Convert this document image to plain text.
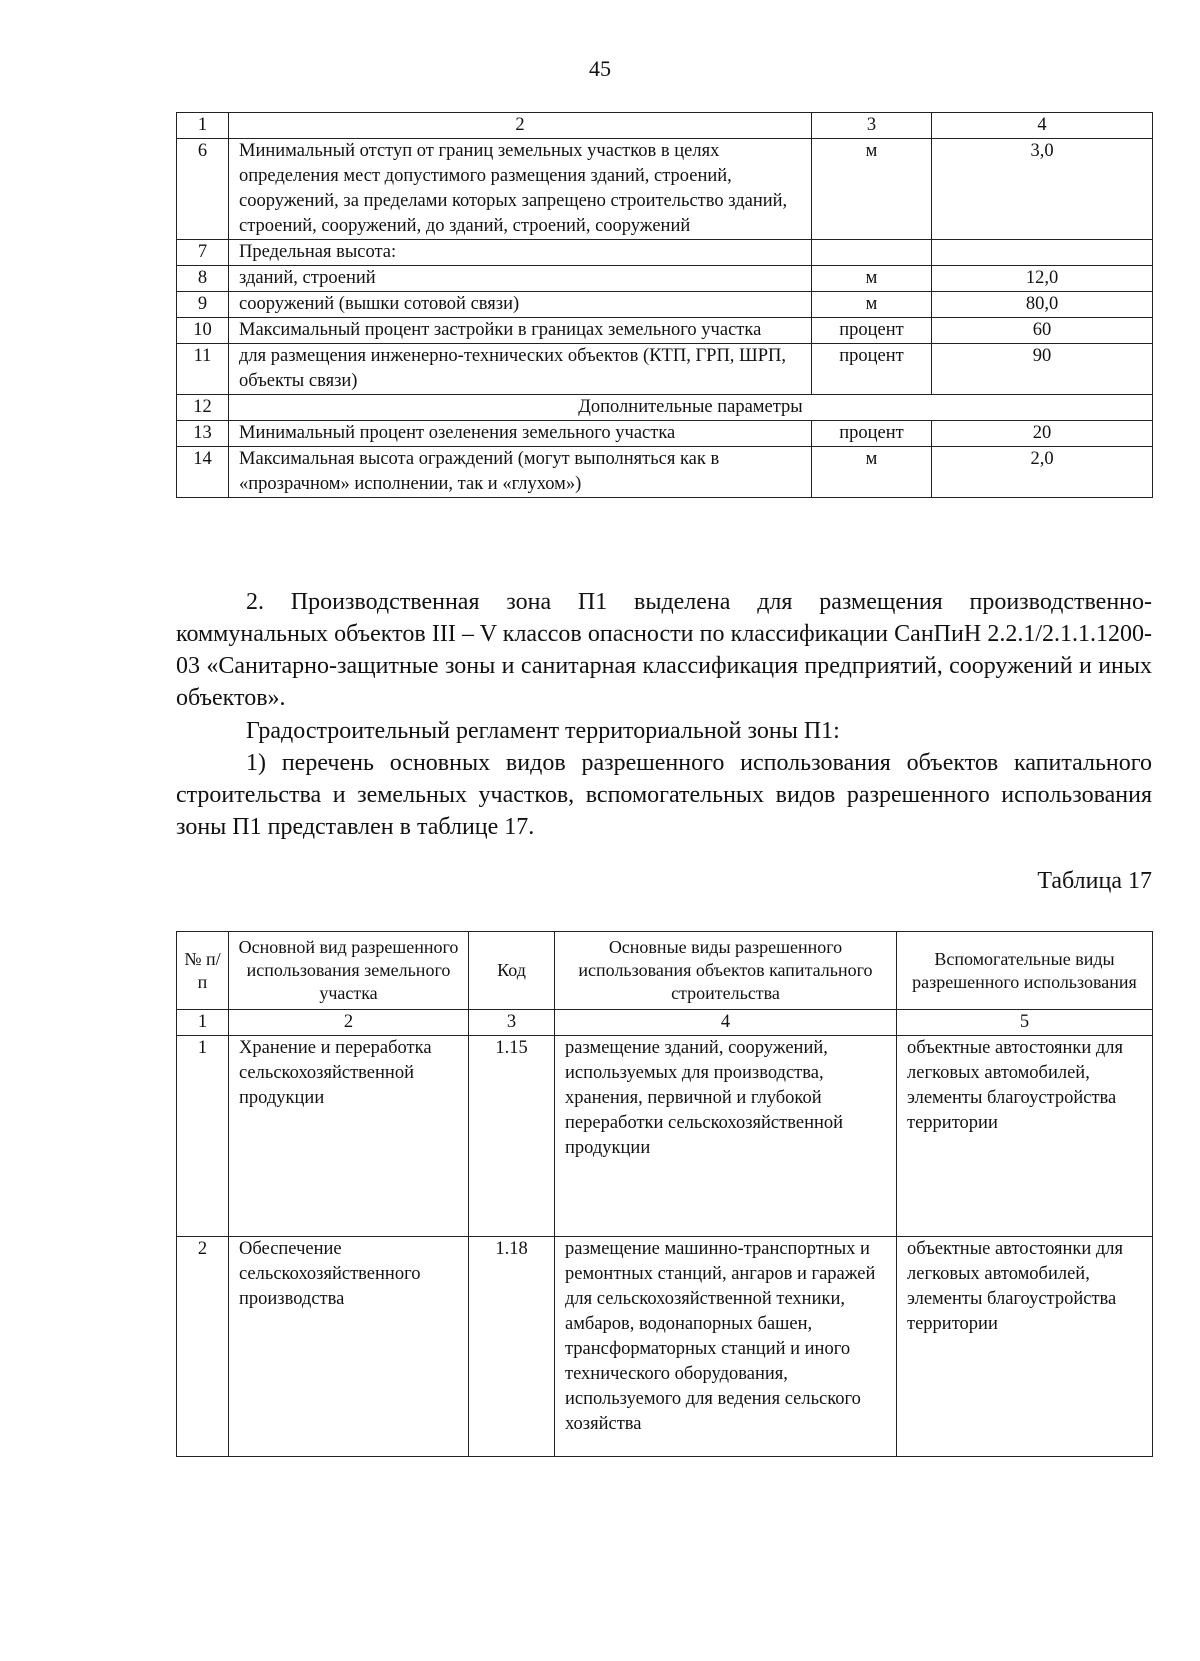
45
1	2	3	4
6	Минимальный отступ от границ земельных участков в целях определения мест допустимого размещения зданий, строений, сооружений, за пределами которых запрещено строительство зданий, строений, сооружений, до зданий, строений, сооружений	м	3,0
7	Предельная высота:		
8	зданий, строений	м	12,0
9	сооружений (вышки сотовой связи)	м	80,0
10	Максимальный процент застройки в границах земельного участка	процент	60
11	для размещения инженерно-технических объектов (КТП, ГРП, ШРП, объекты связи)	процент	90
12	Дополнительные параметры		
13	Минимальный процент озеленения земельного участка	процент	20
14	Максимальная высота ограждений (могут выполняться как в «прозрачном» исполнении, так и «глухом»)	м	2,0
2. Производственная зона П1 выделена для размещения производственно-коммунальных объектов III – V классов опасности по классификации СанПиН 2.2.1/2.1.1.1200-03 «Санитарно-защитные зоны и санитарная классификация предприятий, сооружений и иных объектов».
Градостроительный регламент территориальной зоны П1:
1) перечень основных видов разрешенного использования объектов капитального строительства и земельных участков, вспомогательных видов разрешенного использования зоны П1 представлен в таблице 17.
Таблица 17
№ п/п	Основной вид разрешенного использования земельного участка	Код	Основные виды разрешенного использования объектов капитального строительства	Вспомогательные виды разрешенного использования
1	2	3	4	5
1	Хранение и переработка сельскохозяйственной продукции	1.15	размещение зданий, сооружений, используемых для производства, хранения, первичной и глубокой переработки сельскохозяйственной продукции	объектные автостоянки для легковых автомобилей, элементы благоустройства территории
2	Обеспечение сельскохозяйственного производства	1.18	размещение машинно-транспортных и ремонтных станций, ангаров и гаражей для сельскохозяйственной техники, амбаров, водонапорных башен, трансформаторных станций и иного технического оборудования, используемого для ведения сельского хозяйства	объектные автостоянки для легковых автомобилей, элементы благоустройства территории
